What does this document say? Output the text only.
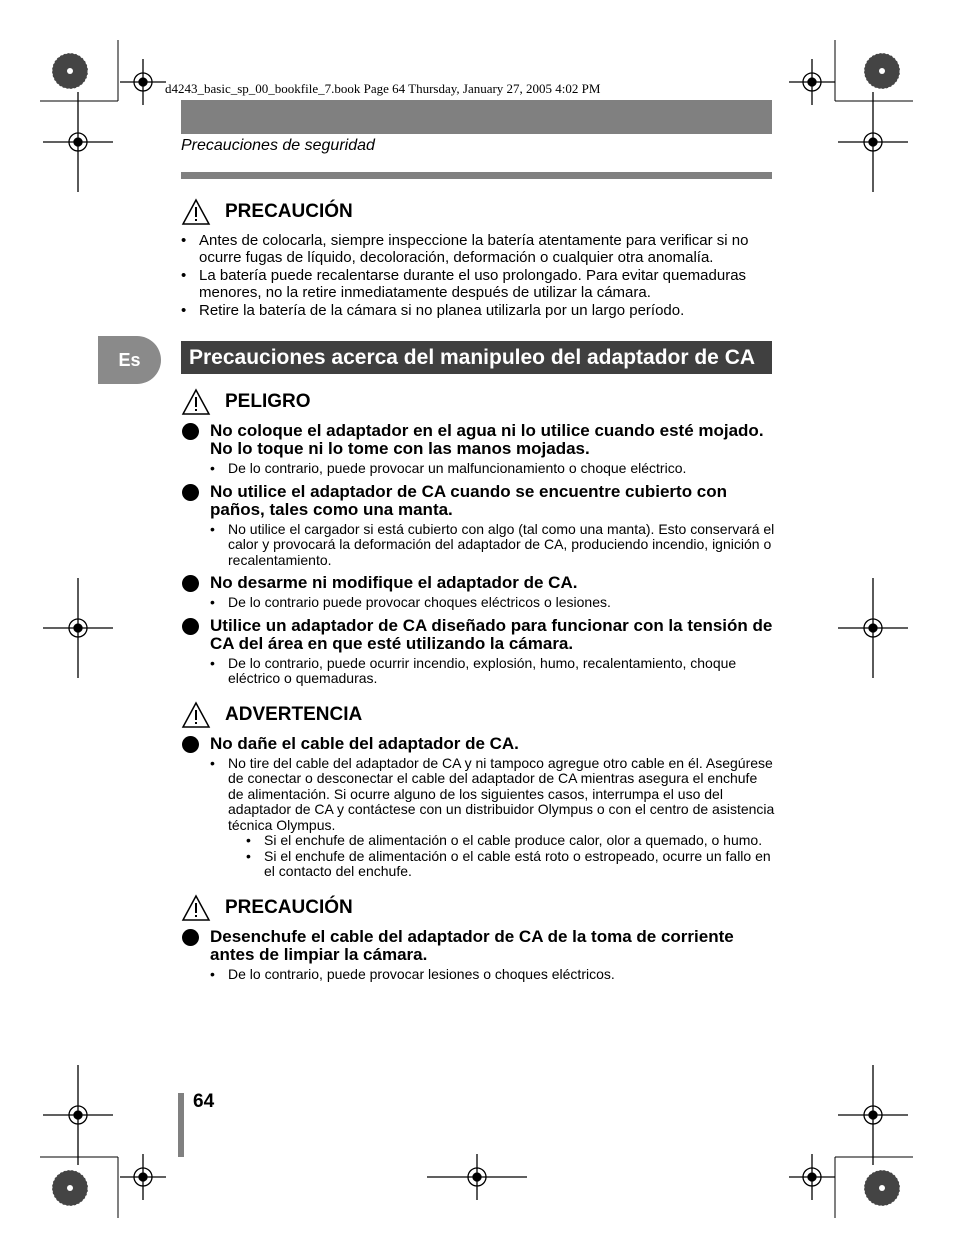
d4243_basic_sp_00_bookfile_7.book Page 64 Thursday, January 27, 2005 4:02 PM
Precauciones de seguridad
Es
PRECAUCIÓN
• Antes de colocarla, siempre inspeccione la batería atentamente para verificar si no ocurre fugas de líquido, decoloración, deformación o cualquier otra anomalía.
• La batería puede recalentarse durante el uso prolongado. Para evitar quemaduras menores, no la retire inmediatamente después de utilizar la cámara.
• Retire la batería de la cámara si no planea utilizarla por un largo período.
Precauciones acerca del manipuleo del adaptador de CA
PELIGRO
No coloque el adaptador en el agua ni lo utilice cuando esté mojado. No lo toque ni lo tome con las manos mojadas.
• De lo contrario, puede provocar un malfuncionamiento o choque eléctrico.
No utilice el adaptador de CA cuando se encuentre cubierto con paños, tales como una manta.
• No utilice el cargador si está cubierto con algo (tal como una manta). Esto conservará el calor y provocará la deformación del adaptador de CA, produciendo incendio, ignición o recalentamiento.
No desarme ni modifique el adaptador de CA.
• De lo contrario puede provocar choques eléctricos o lesiones.
Utilice un adaptador de CA diseñado para funcionar con la tensión de CA del área en que esté utilizando la cámara.
• De lo contrario, puede ocurrir incendio, explosión, humo, recalentamiento, choque eléctrico o quemaduras.
ADVERTENCIA
No dañe el cable del adaptador de CA.
• No tire del cable del adaptador de CA y ni tampoco agregue otro cable en él. Asegúrese de conectar o desconectar el cable del adaptador de CA mientras asegura el enchufe de alimentación. Si ocurre alguno de los siguientes casos, interrumpa el uso del adaptador de CA y contáctese con un distribuidor Olympus o con el centro de asistencia técnica Olympus.
• Si el enchufe de alimentación o el cable produce calor, olor a quemado, o humo.
• Si el enchufe de alimentación o el cable está roto o estropeado, ocurre un fallo en el contacto del enchufe.
PRECAUCIÓN
Desenchufe el cable del adaptador de CA de la toma de corriente antes de limpiar la cámara.
• De lo contrario, puede provocar lesiones o choques eléctricos.
64
